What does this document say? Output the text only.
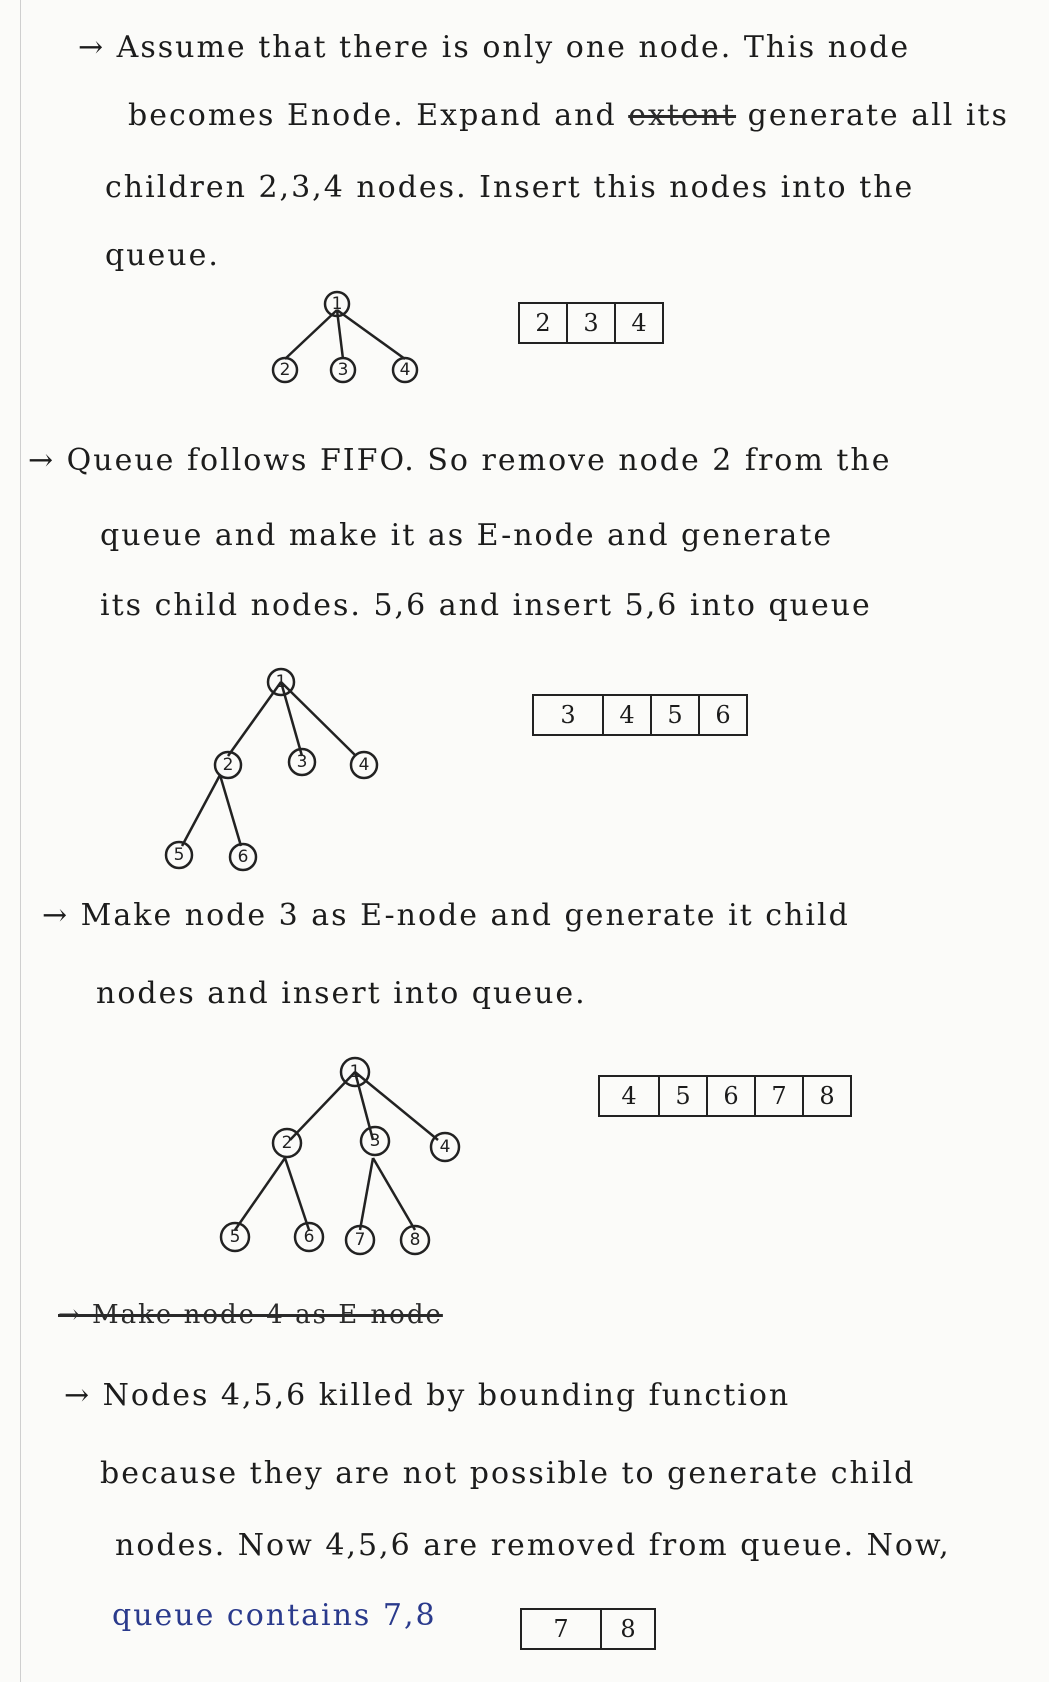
→ Assume that there is only one node. This node
becomes Enode. Expand and extent generate all its
children 2,3,4 nodes. Insert this nodes into the
queue.
1
2	3	4
2	3	4
→ Queue follows FIFO. So remove node 2 from the
queue and make it as E-node and generate
its child nodes. 5,6 and insert 5,6 into queue
1
2	3	4
5	6
3	4	5	6
→ Make node 3 as E-node and generate it child
nodes and insert into queue.
1
2	3	4
5	6 7	8
4	5	6	7	8
→ Make node 4 as E-node
→ Nodes 4,5,6 killed by bounding function
because they are not possible to generate child
nodes. Now 4,5,6 are removed from queue. Now,
queue contains 7,8	7	8
